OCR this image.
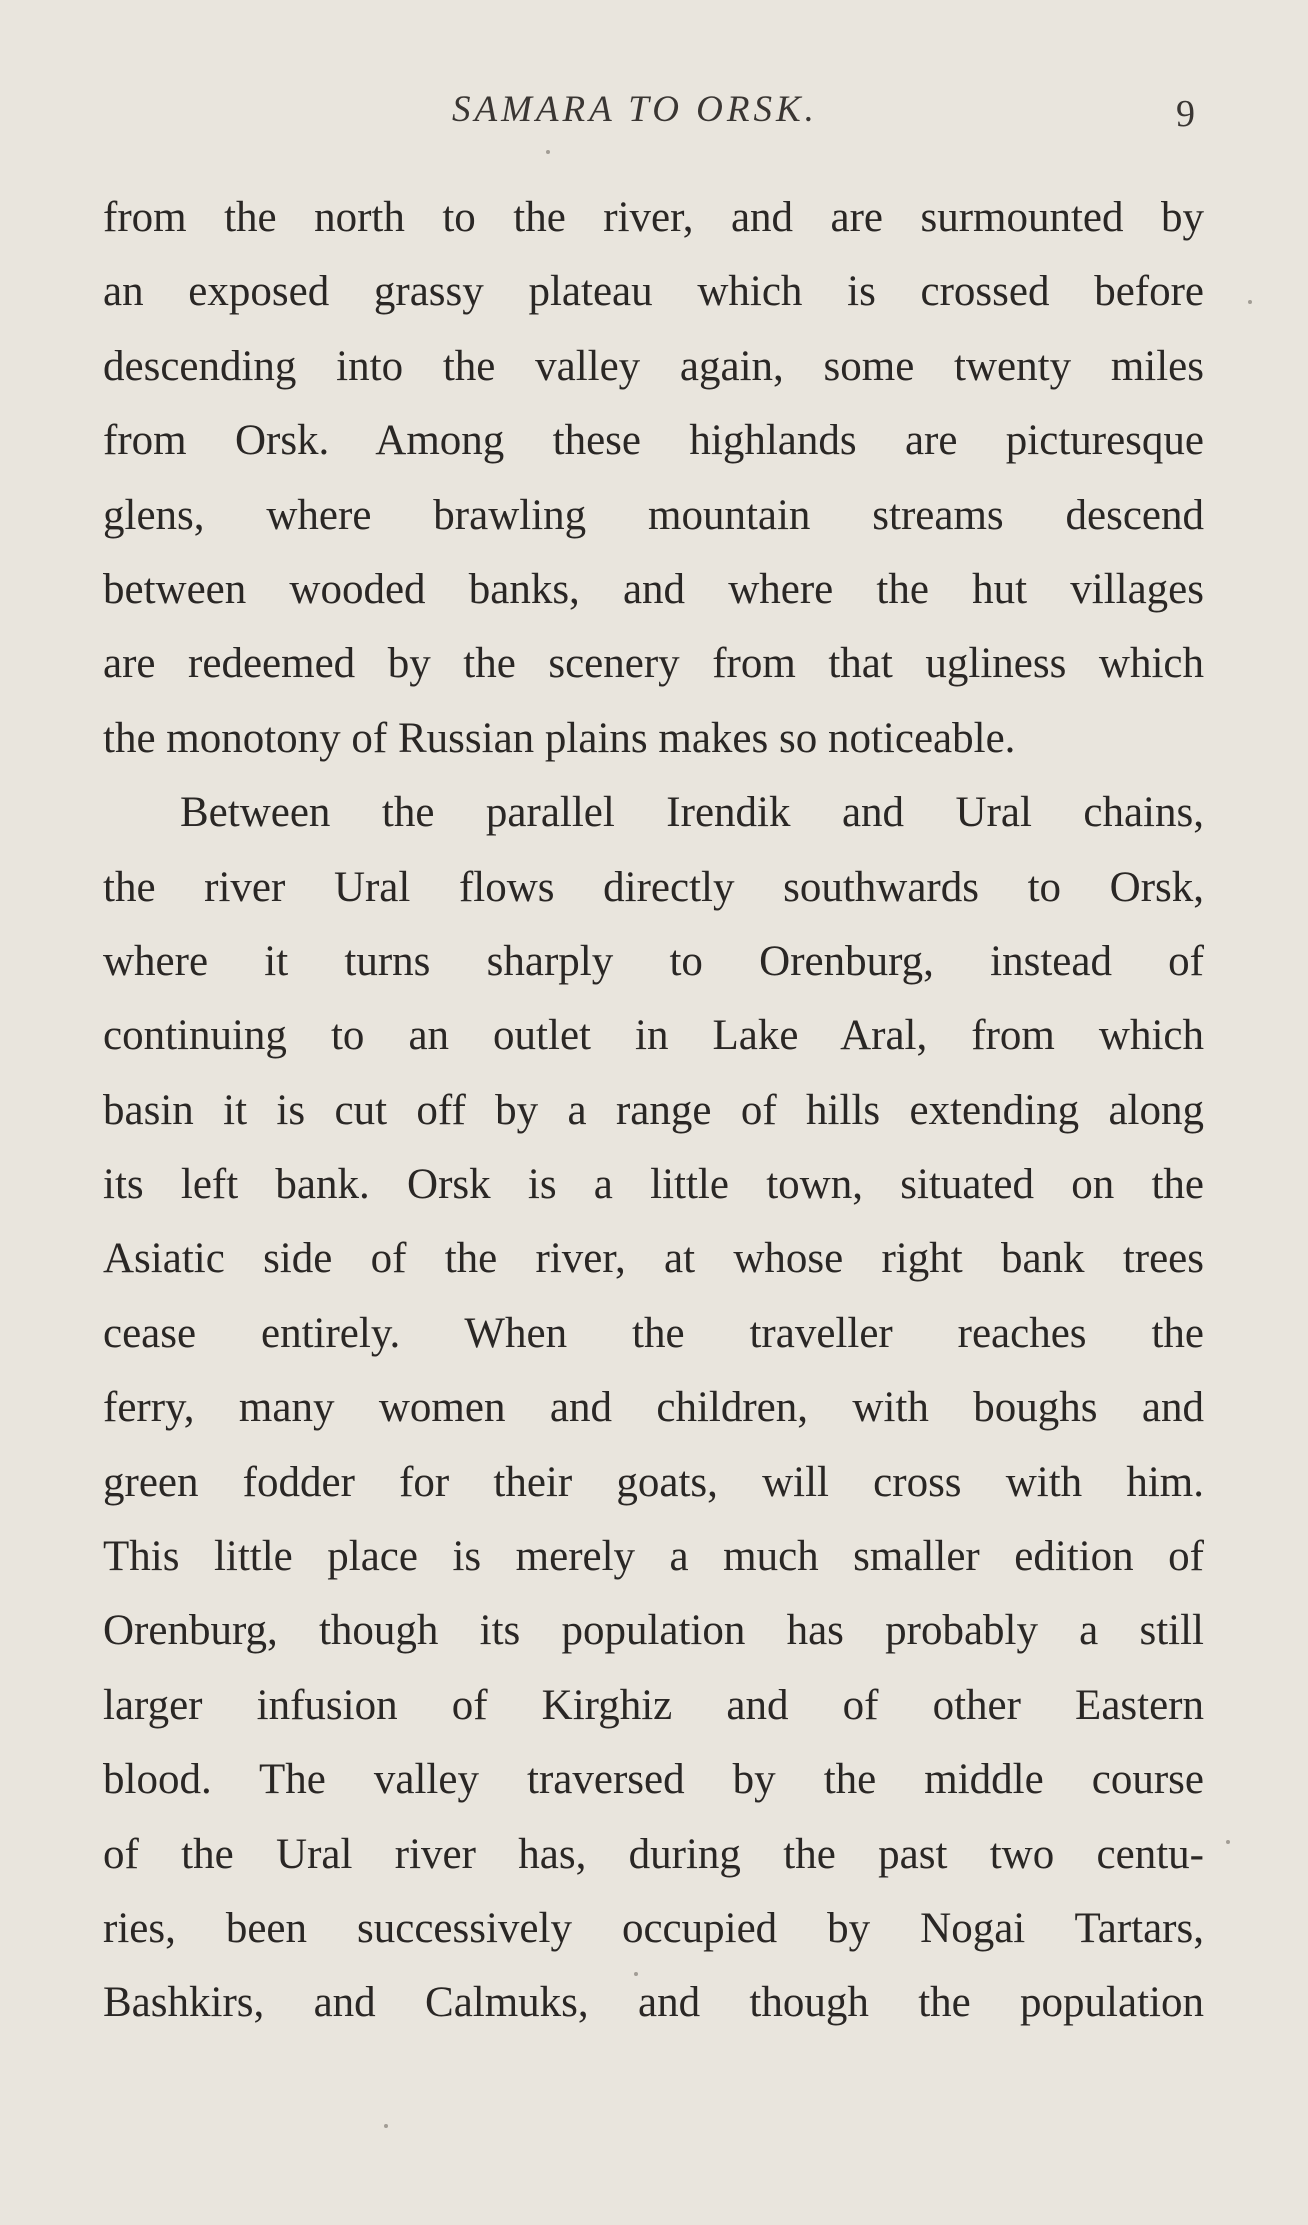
SAMARA TO ORSK.	9
from the north to the river, and are surmounted by
an exposed grassy plateau which is crossed before
descending into the valley again, some twenty miles
from Orsk. Among these highlands are picturesque
glens, where brawling mountain streams descend
between wooded banks, and where the hut villages
are redeemed by the scenery from that ugliness which
the monotony of Russian plains makes so noticeable.
Between the parallel Irendik and Ural chains,
the river Ural flows directly southwards to Orsk,
where it turns sharply to Orenburg, instead of
continuing to an outlet in Lake Aral, from which
basin it is cut off by a range of hills extending along
its left bank. Orsk is a little town, situated on the
Asiatic side of the river, at whose right bank trees
cease entirely. When the traveller reaches the
ferry, many women and children, with boughs and
green fodder for their goats, will cross with him.
This little place is merely a much smaller edition of
Orenburg, though its population has probably a still
larger infusion of Kirghiz and of other Eastern
blood. The valley traversed by the middle course
of the Ural river has, during the past two centu-
ries, been successively occupied by Nogai Tartars,
Bashkirs, and Calmuks, and though the population
